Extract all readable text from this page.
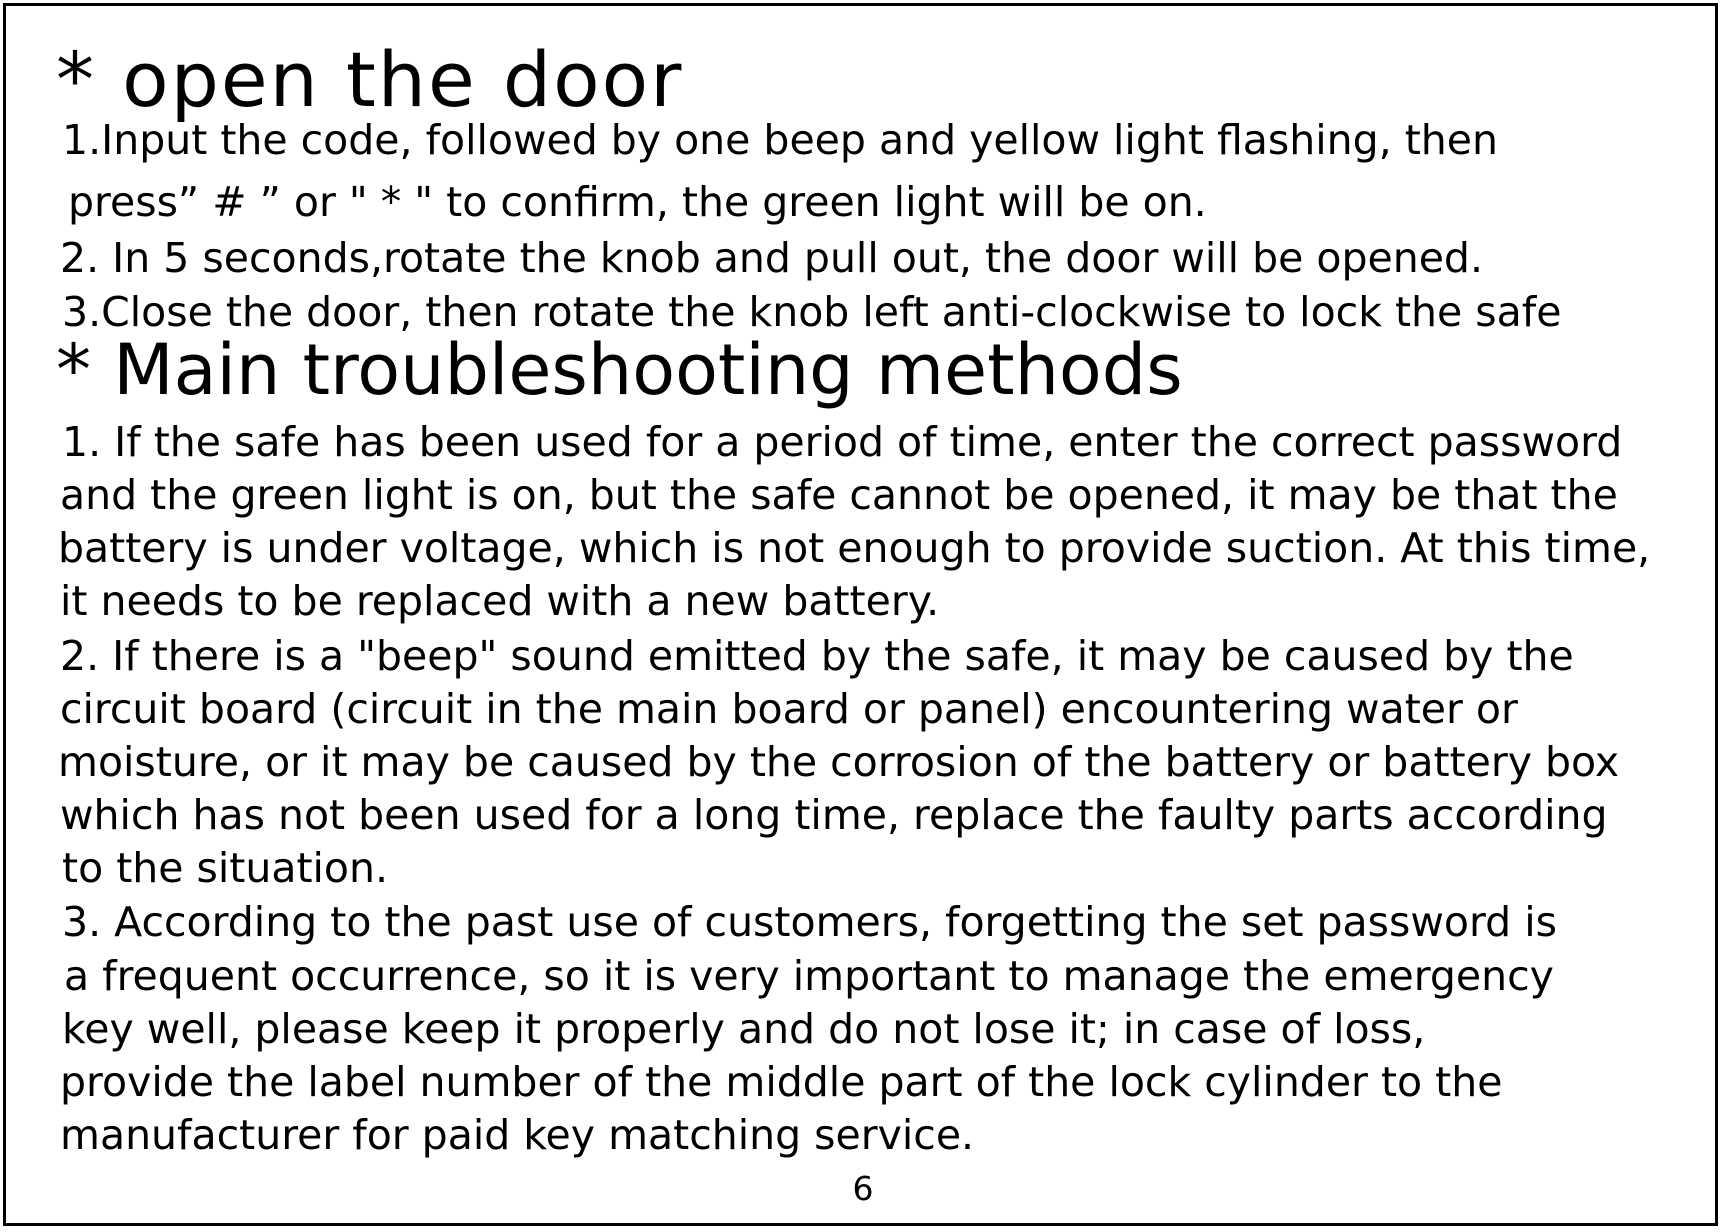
* open the door

1.Input the code, followed by one beep and yellow light flashing, then

press” # ” or " * " to confirm, the green light will be on.

2. In 5 seconds,rotate the knob and pull out, the door will be opened.

3.Close the door, then rotate the knob left anti-clockwise to lock the safe

* Main troubleshooting methods

1. If the safe has been used for a period of time, enter the correct password

and the green light is on, but the safe cannot be opened, it may be that the

battery is under voltage, which is not enough to provide suction. At this time,

it needs to be replaced with a new battery.

2. If there is a "beep" sound emitted by the safe, it may be caused by the

circuit board (circuit in the main board or panel) encountering water or

moisture, or it may be caused by the corrosion of the battery or battery box

which has not been used for a long time, replace the faulty parts according

to the situation.

3. According to the past use of customers, forgetting the set password is

a frequent occurrence, so it is very important to manage the emergency

key well, please keep it properly and do not lose it; in case of loss,

provide the label number of the middle part of the lock cylinder to the

manufacturer for paid key matching service.

6
